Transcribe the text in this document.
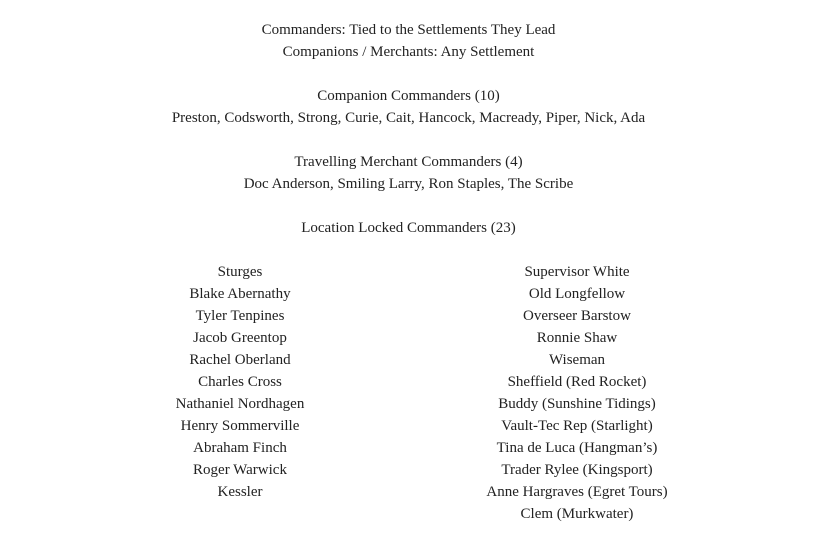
Commanders: Tied to the Settlements They Lead
Companions / Merchants: Any Settlement
Companion Commanders (10)
Preston, Codsworth, Strong, Curie, Cait, Hancock, Macready, Piper, Nick, Ada
Travelling Merchant Commanders (4)
Doc Anderson, Smiling Larry, Ron Staples, The Scribe
Location Locked Commanders (23)
Sturges
Blake Abernathy
Tyler Tenpines
Jacob Greentop
Rachel Oberland
Charles Cross
Nathaniel Nordhagen
Henry Sommerville
Abraham Finch
Roger Warwick
Kessler
Supervisor White
Old Longfellow
Overseer Barstow
Ronnie Shaw
Wiseman
Sheffield (Red Rocket)
Buddy (Sunshine Tidings)
Vault-Tec Rep (Starlight)
Tina de Luca (Hangman’s)
Trader Rylee (Kingsport)
Anne Hargraves (Egret Tours)
Clem (Murkwater)
